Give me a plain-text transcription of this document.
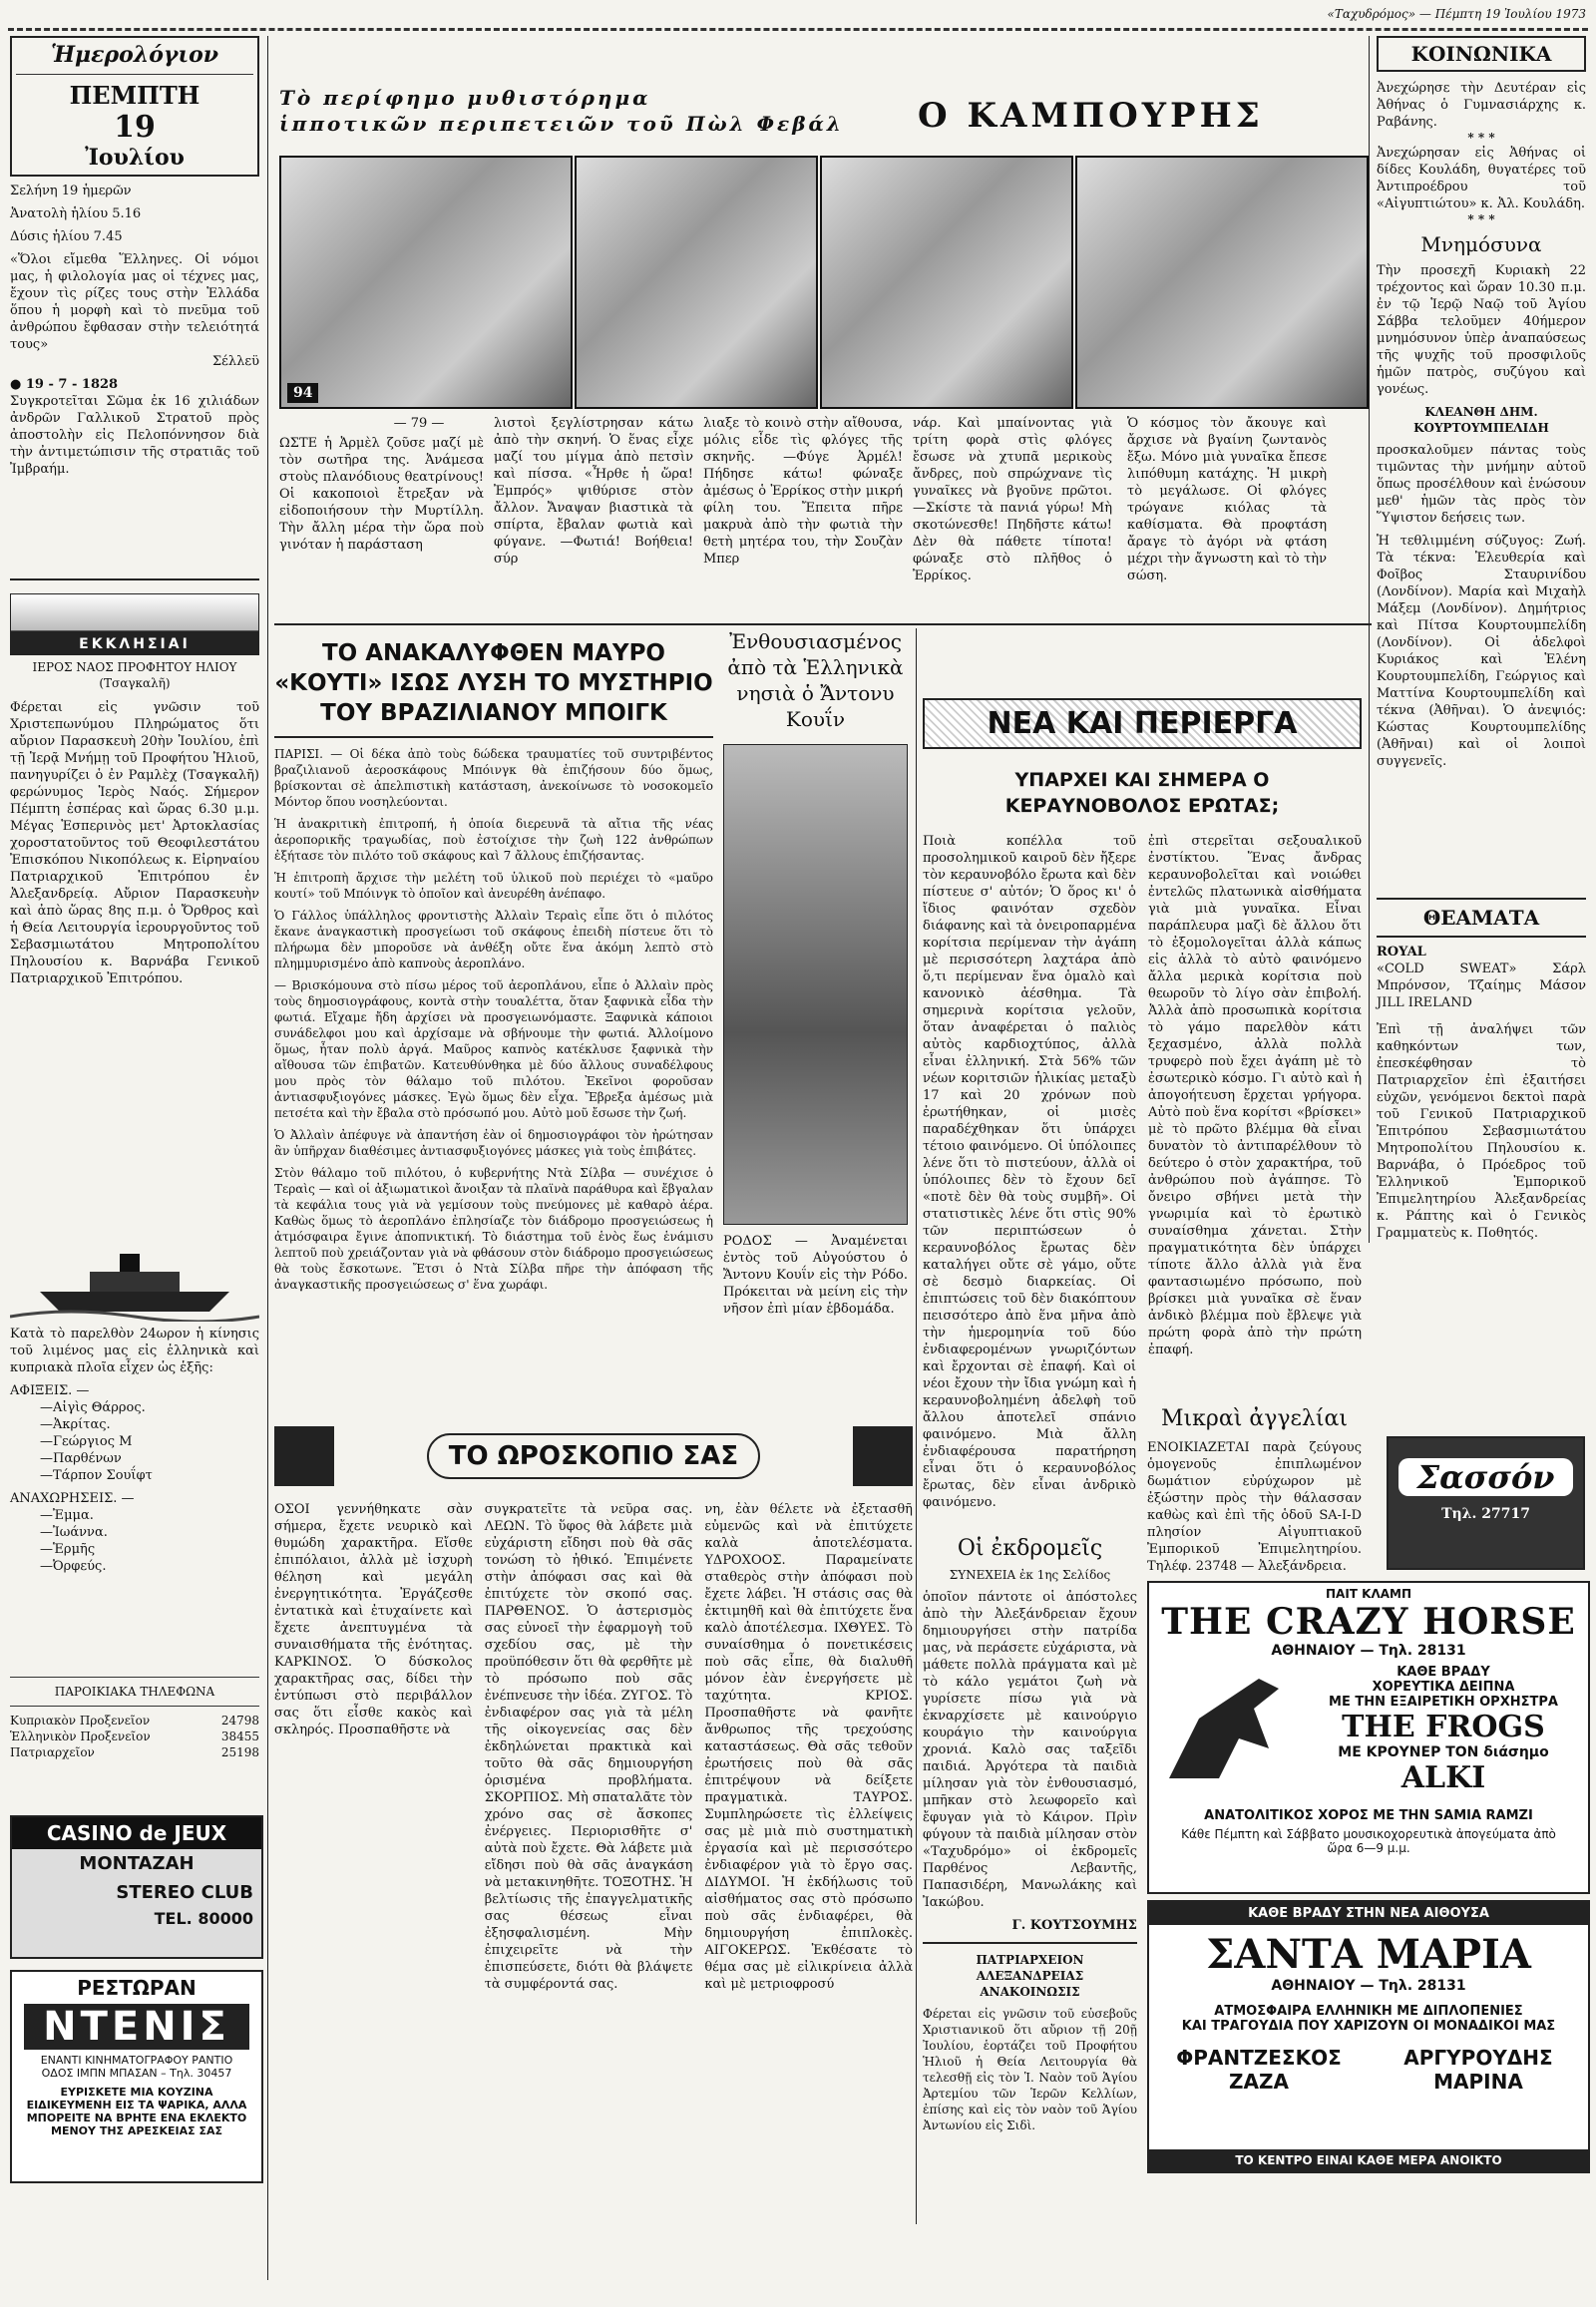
«Ταχυδρόμος» — Πέμπτη 19 Ἰουλίου 1973
Ἡμερολόγιον
ΠΕΜΠΤΗ
19
Ἰουλίου
Σελήνη 19 ἡμερῶν
Ἀνατολὴ ἡλίου 5.16
Δύσις ἡλίου 7.45
«Ὅλοι εἴμεθα Ἕλληνες. Οἱ νόμοι μας, ἡ φιλολογία μας οἱ τέχνες μας, ἔχουν τὶς ρίζες τους στὴν Ἑλλάδα ὅπου ἡ μορφὴ καὶ τὸ πνεῦμα τοῦ ἀνθρώπου ἔφθασαν στὴν τελειότητά τους»
Σέλλεϋ
● 19 - 7 - 1828
Συγκροτεῖται Σῶμα ἐκ 16 χιλιάδων ἀνδρῶν Γαλλικοῦ Στρατοῦ πρὸς ἀποστολὴν εἰς Πελοπόννησον διὰ τὴν ἀντιμετώπισιν τῆς στρατιᾶς τοῦ Ἰμβραήμ.
ΕΚΚΛΗΣΙΑΙ
ΙΕΡΟΣ ΝΑΟΣ ΠΡΟΦΗΤΟΥ ΗΛΙΟΥ
(Τσαγκαλῆ)
Φέρεται εἰς γνῶσιν τοῦ Χριστεπωνύμου Πληρώματος ὅτι αὔριον Παρασκευὴ 20ὴν Ἰουλίου, ἐπὶ τῇ Ἱερᾷ Μνήμῃ τοῦ Προφήτου Ἡλιοῦ, πανηγυρίζει ὁ ἐν Ραμλὲχ (Τσαγκαλῆ) φερώνυμος Ἱερὸς Ναός. Σήμερον Πέμπτη ἑσπέρας καὶ ὥρας 6.30 μ.μ. Μέγας Ἑσπερινὸς μετ' Ἀρτοκλασίας χοροστατοῦντος τοῦ Θεοφιλεστάτου Ἐπισκόπου Νικοπόλεως κ. Εἰρηναίου Πατριαρχικοῦ Ἐπιτρόπου ἐν Ἀλεξανδρείᾳ. Αὔριον Παρασκευὴν καὶ ἀπὸ ὥρας 8ης π.μ. ὁ Ὄρθρος καὶ ἡ Θεία Λειτουργία ἱερουργοῦντος τοῦ Σεβασμιωτάτου Μητροπολίτου Πηλουσίου κ. Βαρνάβα Γενικοῦ Πατριαρχικοῦ Ἐπιτρόπου.
Κατὰ τὸ παρελθὸν 24ωρον ἡ κίνησις τοῦ λιμένος μας εἰς ἑλληνικὰ καὶ κυπριακὰ πλοῖα εἶχεν ὡς ἑξῆς:
ΑΦΙΞΕΙΣ. —
—Αἰγὶς Θάρρος.
—Ἀκρίτας.
—Γεώργιος Μ
—Παρθένων
—Τάρπον Σουΐφτ
ΑΝΑΧΩΡΗΣΕΙΣ. —
—Ἐμμα.
—Ἰωάννα.
—Ἑρμῆς
—Ὀρφεύς.
ΠΑΡΟΙΚΙΑΚΑ ΤΗΛΕΦΩΝΑ
Κυπριακὸν Προξενεῖον	24798
Ἑλληνικὸν Προξενεῖον	38455
Πατριαρχεῖον	25198
CASINO de JEUX
MONTAZAH
STEREO CLUB
TEL. 80000
ΡΕΣΤΩΡΑΝ
ΝΤΕΝΙΣ
ΕΝΑΝΤΙ ΚΙΝΗΜΑΤΟΓΡΑΦΟΥ ΡΑΝΤΙΟ
ΟΔΟΣ ΙΜΠΝ ΜΠΑΣΑΝ – Τηλ. 30457
ΕΥΡΙΣΚΕΤΕ ΜΙΑ ΚΟΥΖΙΝΑ ΕΙΔΙΚΕΥΜΕΝΗ ΕΙΣ ΤΑ ΨΑΡΙΚΑ, ΑΛΛΑ ΜΠΟΡΕΙΤΕ ΝΑ ΒΡΗΤΕ ΕΝΑ ΕΚΛΕΚΤΟ ΜΕΝΟΥ ΤΗΣ ΑΡΕΣΚΕΙΑΣ ΣΑΣ
Τὸ περίφημο μυθιστόρημα
ἱπποτικῶν περιπετειῶν τοῦ Πὼλ Φεβάλ Ο ΚΑΜΠΟΥΡΗΣ
94
— 79 —
ΩΣΤΕ ἡ Ἀρμὲλ ζοῦσε μαζί μὲ τὸν σωτῆρα της. Ἀνάμεσα στοὺς πλανόδιους θεατρίνους! Οἱ κακοποιοὶ ἔτρεξαν νὰ εἰδοποιήσουν τὴν Μυρτίλλη. Τὴν ἄλλη μέρα τὴν ὥρα ποὺ γινόταν ἡ παράσταση
λιστοὶ ξεγλίστρησαν κάτω ἀπὸ τὴν σκηνή. Ὁ ἕνας εἶχε μαζί του μίγμα ἀπὸ πετσὶν καὶ πίσσα. «Ἦρθε ἡ ὥρα! Ἐμπρός» ψιθύρισε στὸν ἄλλον. Ἄναψαν βιαστικὰ τὰ σπίρτα, ἔβαλαν φωτιὰ καὶ φύγανε. —Φωτιά! Βοήθεια! σύρ
λιαξε τὸ κοινὸ στὴν αἴθουσα, μόλις εἶδε τὶς φλόγες τῆς σκηνῆς. —Φύγε Ἀρμέλ! Πήδησε κάτω! φώναξε ἀμέσως ὁ Ἐρρίκος στὴν μικρή φίλη του. Ἔπειτα πῆρε μακρυὰ ἀπὸ τὴν φωτιὰ τὴν θετὴ μητέρα του, τὴν Σουζὰν Μπερ
νάρ. Καὶ μπαίνοντας γιὰ τρίτη φορὰ στὶς φλόγες ἔσωσε νὰ χτυπᾶ μερικοὺς ἄνδρες, ποὺ σπρώχνανε τὶς γυναῖκες νὰ βγοῦνε πρῶτοι. —Σκίστε τὰ πανιά γύρω! Μὴ σκοτώνεσθε! Πηδῆστε κάτω! Δὲν θὰ πάθετε τίποτα! φώναξε στὸ πλῆθος ὁ Ἐρρίκος.
Ὁ κόσμος τὸν ἄκουγε καὶ ἄρχισε νὰ βγαίνη ζωντανὸς ἔξω. Μόνο μιὰ γυναῖκα ἔπεσε λιπόθυμη κατάχης. Ἡ μικρὴ τὸ μεγάλωσε. Οἱ φλόγες τρώγανε κιόλας τὰ καθίσματα. Θὰ προφτάση ἄραγε τὸ ἀγόρι νὰ φτάση μέχρι τὴν ἄγνωστη καὶ τὸ τὴν σώση.
ΤΟ ΑΝΑΚΑΛΥΦΘΕΝ ΜΑΥΡΟ «ΚΟΥΤΙ» ΙΣΩΣ ΛΥΣΗ ΤΟ ΜΥΣΤΗΡΙΟ ΤΟΥ ΒΡΑΖΙΛΙΑΝΟΥ ΜΠΟΙΓΚ

ΠΑΡΙΣΙ. — Οἱ δέκα ἀπὸ τοὺς δώδεκα τραυματίες τοῦ συντριβέντος βραζιλιανοῦ ἀεροσκάφους Μπόινγκ θὰ ἐπιζήσουν δύο ὅμως, βρίσκονται σὲ ἀπελπιστικὴ κατάσταση, ἀνεκοίνωσε τὸ νοσοκομεῖο Μόντορ ὅπου νοσηλεύονται.

Ἡ ἀνακριτικὴ ἐπιτροπή, ἡ ὁποία διερευνᾶ τὰ αἴτια τῆς νέας ἀεροπορικῆς τραγωδίας, ποὺ ἐστοίχισε τὴν ζωὴ 122 ἀνθρώπων ἐξήτασε τὸν πιλότο τοῦ σκάφους καὶ 7 ἄλλους ἐπιζήσαντας.

Ἡ ἐπιτροπὴ ἄρχισε τὴν μελέτη τοῦ ὑλικοῦ ποὺ περιέχει τὸ «μαῦρο κουτί» τοῦ Μπόινγκ τὸ ὁποῖον καὶ ἀνευρέθη ἀνέπαφο.

Ὁ Γάλλος ὑπάλληλος φροντιστὴς Ἀλλαὶν Τεραὶς εἶπε ὅτι ὁ πιλότος ἔκανε ἀναγκαστικὴ προσγείωσι τοῦ σκάφους ἐπειδὴ πίστευε ὅτι τὸ πλήρωμα δὲν μποροῦσε νὰ ἀνθέξη οὔτε ἕνα ἀκόμη λεπτὸ στὸ πλημμυρισμένο ἀπὸ καπνοὺς ἀεροπλάνο.

— Βρισκόμουνα στὸ πίσω μέρος τοῦ ἀεροπλάνου, εἶπε ὁ Ἀλλαὶν πρὸς τοὺς δημοσιογράφους, κοντὰ στὴν τουαλέττα, ὅταν ξαφνικὰ εἶδα τὴν φωτιά. Εἴχαμε ἤδη ἀρχίσει νὰ προσγειωνόμαστε. Ξαφνικὰ κάποιοι συνάδελφοι μου καὶ ἀρχίσαμε νὰ σβήνουμε τὴν φωτιά. Ἀλλοίμονο ὅμως, ἦταν πολὺ ἀργά. Μαῦρος καπνὸς κατέκλυσε ξαφνικὰ τὴν αἴθουσα τῶν ἐπιβατῶν. Κατευθύνθηκα μὲ δύο ἄλλους συναδέλφους μου πρὸς τὸν θάλαμο τοῦ πιλότου. Ἐκεῖνοι φοροῦσαν ἀντιασφυξιογόνες μάσκες. Ἐγὼ ὅμως δὲν εἶχα. Ἔβρεξα ἀμέσως μιὰ πετσέτα καὶ τὴν ἔβαλα στὸ πρόσωπό μου. Αὐτὸ μοῦ ἔσωσε τὴν ζωή.

Ὁ Ἀλλαὶν ἀπέφυγε νὰ ἀπαντήση ἐὰν οἱ δημοσιογράφοι τὸν ἠρώτησαν ἂν ὑπῆρχαν διαθέσιμες ἀντιασφυξιογόνες μάσκες γιὰ τοὺς ἐπιβάτες.

Στὸν θάλαμο τοῦ πιλότου, ὁ κυβερνήτης Ντὰ Σίλβα — συνέχισε ὁ Τεραὶς — καὶ οἱ ἀξιωματικοὶ ἄνοιξαν τὰ πλαϊνὰ παράθυρα καὶ ἔβγαλαν τὰ κεφάλια τους γιὰ νὰ γεμίσουν τοὺς πνεύμονες μὲ καθαρὸ ἀέρα. Καθὼς ὅμως τὸ ἀεροπλάνο ἐπλησίαζε τὸν διάδρομο προσγειώσεως ἡ ἀτμόσφαιρα ἔγινε ἀποπνικτική. Τὸ διάστημα τοῦ ἑνὸς ἕως ἑνάμισυ λεπτοῦ ποὺ χρειάζονταν γιὰ νὰ φθάσουν στὸν διάδρομο προσγειώσεως θὰ τοὺς ἔσκοτωνε. Ἔτσι ὁ Ντὰ Σίλβα πῆρε τὴν ἀπόφαση τῆς ἀναγκαστικῆς προσγειώσεως σ' ἕνα χωράφι.

Ἐνθουσιασμένος ἀπὸ τὰ Ἑλληνικὰ νησιὰ ὁ Ἄντονυ Κουΐν
ΡΟΔΟΣ — Ἀναμένεται ἐντὸς τοῦ Αὐγούστου ὁ Ἄντονυ Κουΐν εἰς τὴν Ρόδο. Πρόκειται νὰ μείνη εἰς τὴν νῆσον ἐπὶ μίαν ἑβδομάδα.
ΝΕΑ ΚΑΙ ΠΕΡΙΕΡΓΑ
ΥΠΑΡΧΕΙ ΚΑΙ ΣΗΜΕΡΑ Ο ΚΕΡΑΥΝΟΒΟΛΟΣ ΕΡΩΤΑΣ;
Ποιὰ κοπέλλα τοῦ προσολημικοῦ καιροῦ δὲν ἤξερε τὸν κεραυνοβόλο ἔρωτα καὶ δὲν πίστευε σ' αὐτόν; Ὁ ὅρος κι' ὁ ἴδιος φαινόταν σχεδὸν διάφανης καὶ τὰ ὀνειροπαρμένα κορίτσια περίμεναν τὴν ἀγάπη μὲ περισσότερη λαχτάρα ἀπὸ ὅ,τι περίμεναν ἕνα ὁμαλὸ καὶ κανονικὸ ἀέσθημα. Τὰ σημερινὰ κορίτσια γελοῦν, ὅταν ἀναφέρεται ὁ παλιὸς αὐτὸς καρδιοχτύπος, ἀλλὰ εἶναι ἐλληνική. Στὰ 56% τῶν νέων κοριτσιῶν ἡλικίας μεταξὺ 17 καὶ 20 χρόνων ποὺ ἐρωτήθηκαν, οἱ μισὲς παραδέχθηκαν ὅτι ὑπάρχει τέτοιο φαινόμενο. Οἱ ὑπόλοιπες λένε ὅτι τὸ πιστεύουν, ἀλλὰ οἱ ὑπόλοιπες δὲν τὸ ἔχουν δεῖ «ποτὲ δὲν θὰ τοὺς συμβῆ». Οἱ στατιστικὲς λένε ὅτι στὶς 90% τῶν περιπτώσεων ὁ κεραυνοβόλος ἔρωτας δὲν καταλήγει οὔτε σὲ γάμο, οὔτε σὲ δεσμὸ διαρκείας. Οἱ ἐπιπτώσεις τοῦ δὲν διακόπτουν πεισσότερο ἀπὸ ἕνα μῆνα ἀπὸ τὴν ἡμερομηνία τοῦ δύο ἐνδιαφερομένων γνωριζόντων καὶ ἔρχονται σὲ ἐπαφή. Καὶ οἱ νέοι ἔχουν τὴν ἴδια γνώμη καὶ ἡ κεραυνοβολημένη ἀδελφὴ τοῦ ἄλλου ἀποτελεῖ σπάνιο φαινόμενο. Μιὰ ἄλλη ἐνδιαφέρουσα παρατήρηση εἶναι ὅτι ὁ κεραυνοβόλος ἔρωτας, δὲν εἶναι ἀνδρικὸ φαινόμενο.
ἐπὶ στερεῖται σεξουαλικοῦ ἐνστίκτου. Ἕνας ἄνδρας κεραυνοβολεῖται καὶ νοιώθει ἐντελῶς πλατωνικὰ αἰσθήματα γιὰ μιὰ γυναῖκα. Εἶναι παράπλευρα μαζὶ δὲ ἄλλου ὅτι τὸ ἐξομολογεῖται ἀλλὰ κάπως εἰς ἀλλὰ τὸ αὐτὸ φαινόμενο ἄλλα μερικὰ κορίτσια ποὺ θεωροῦν τὸ λίγο σὰν ἐπιβολή. Ἀλλὰ ἀπὸ προσωπικὰ κορίτσια τὸ γάμο παρελθὸν κάτι ξεχασμένο, ἀλλὰ πολλὰ τρυφερὸ ποὺ ἔχει ἀγάπη μὲ τὸ ἐσωτερικὸ κόσμο. Γι αὐτὸ καὶ ἡ ἀπογοήτευση ἔρχεται γρήγορα. Αὐτὸ ποὺ ἕνα κορίτσι «βρίσκει» μὲ τὸ πρῶτο βλέμμα θὰ εἶναι δυνατὸν τὸ ἀντιπαρέλθουν τὸ δεύτερο ὁ στὸν χαρακτήρα, τοῦ ἀνθρώπου ποὺ ἀγάπησε. Τὸ ὄνειρο σβήνει μετὰ τὴν γνωριμία καὶ τὸ ἐρωτικὸ συναίσθημα χάνεται. Στὴν πραγματικότητα δὲν ὑπάρχει τίποτε ἄλλο ἀλλὰ γιὰ ἕνα φαντασιωμένο πρόσωπο, ποὺ βρίσκει μιὰ γυναῖκα σὲ ἕναν ἀνδικὸ βλέμμα ποὺ ἔβλεψε γιὰ πρώτη φορὰ ἀπὸ τὴν πρώτη ἐπαφή.
ΤΟ ΩΡΟΣΚΟΠΙΟ ΣΑΣ
ΟΣΟΙ γεννήθηκατε σὰν σήμερα, ἔχετε νευρικὸ καὶ θυμώδη χαρακτῆρα. Εἴσθε ἐπιπόλαιοι, ἀλλὰ μὲ ἰσχυρὴ θέληση καὶ μεγάλη ἐνεργητικότητα. Ἐργάζεσθε ἐντατικὰ καὶ ἐτυχαίνετε καὶ ἔχετε ἀνεπτυγμένα τὰ συναισθήματα τῆς ἑνότητας. ΚΑΡΚΙΝΟΣ. Ὁ δύσκολος χαρακτῆρας σας, δίδει τὴν ἐντύπωσι στὸ περιβάλλον σας ὅτι εἶσθε κακὸς καὶ σκληρός. Προσπαθῆστε νὰ
συγκρατεῖτε τὰ νεῦρα σας. ΛΕΩΝ. Τὸ ὕφος θὰ λάβετε μιὰ εὐχάριστη εἴδησι ποὺ θὰ σᾶς τονώση τὸ ἠθικό. Ἐπιμένετε στὴν ἀπόφασι σας καὶ θὰ ἐπιτύχετε τὸν σκοπό σας. ΠΑΡΘΕΝΟΣ. Ὁ ἀστερισμὸς σας εὐνοεῖ τὴν ἐφαρμογὴ τοῦ σχεδίου σας, μὲ τὴν προϋπόθεσιν ὅτι θὰ φερθῆτε μὲ τὸ πρόσωπο ποὺ σᾶς ἐνέπνευσε τὴν ἰδέα. ΖΥΓΟΣ. Τὸ ἐνδιαφέρον σας γιὰ τὰ μέλη τῆς οἰκογενείας σας δὲν ἐκδηλώνεται πρακτικὰ καὶ τοῦτο θὰ σᾶς δημιουργήση ὁρισμένα προβλήματα. ΣΚΟΡΠΙΟΣ. Μὴ σπαταλᾶτε τὸν χρόνο σας σὲ ἄσκοπες ἐνέργειες. Περιορισθῆτε σ' αὐτὰ ποὺ ἔχετε. Θὰ λάβετε μιὰ εἴδησι ποὺ θὰ σᾶς ἀναγκάση νὰ μετακινηθῆτε. ΤΟΞΟΤΗΣ. Ἡ βελτίωσις τῆς ἐπαγγελματικῆς σας θέσεως εἶναι ἐξησφαλισμένη. Μὴν ἐπιχειρεῖτε νὰ τὴν ἐπισπεύσετε, διότι θὰ βλάψετε τὰ συμφέροντά σας.
νη, ἐὰν θέλετε νὰ ἐξετασθῆ εὐμενῶς καὶ νὰ ἐπιτύχετε καλὰ ἀποτελέσματα. ΥΔΡΟΧΟΟΣ. Παραμείνατε σταθερὸς στὴν ἀπόφασι ποὺ ἔχετε λάβει. Ἡ στάσις σας θὰ ἐκτιμηθῆ καὶ θὰ ἐπιτύχετε ἕνα καλὸ ἀποτέλεσμα. ΙΧΘΥΕΣ. Τὸ συναίσθημα ὁ πονετικέσεις ποὺ σᾶς εἶπε, θὰ διαλυθῆ μόνον ἐὰν ἐνεργήσετε μὲ ταχύτητα. ΚΡΙΟΣ. Προσπαθῆστε νὰ φανῆτε ἄνθρωπος τῆς τρεχούσης καταστάσεως. Θὰ σᾶς τεθοῦν ἐρωτήσεις ποὺ θὰ σᾶς ἐπιτρέψουν νὰ δείξετε πραγματικὰ. ΤΑΥΡΟΣ. Συμπληρώσετε τὶς ἐλλείψεις σας μὲ μιὰ πιὸ συστηματικὴ ἐργασία καὶ μὲ περισσότερο ἐνδιαφέρον γιὰ τὸ ἔργο σας. ΔΙΔΥΜΟΙ. Ἡ ἐκδήλωσις τοῦ αἰσθήματος σας στὸ πρόσωπο ποὺ σᾶς ἐνδιαφέρει, θὰ δημιουργήση ἐπιπλοκὲς. ΑΙΓΟΚΕΡΩΣ. Ἐκθέσατε τὸ θέμα σας μὲ εἰλικρίνεια ἀλλὰ καὶ μὲ μετριοφροσύ
Οἱ ἐκδρομεῖς
ΣΥΝΕΧΕΙΑ ἐκ 1ης Σελίδος
ὁποῖον πάντοτε οἱ ἀπόστολες ἀπὸ τὴν Ἀλεξάνδρειαν ἔχουν δημιουργήσει στὴν πατρίδα μας, νὰ περάσετε εὐχάριστα, νὰ μάθετε πολλὰ πράγματα καὶ μὲ τὸ κάλο γεμάτοι ζωὴ νὰ γυρίσετε πίσω γιὰ νὰ ἐκναρχίσετε μὲ καινούργιο κουράγιο τὴν καινούργια χρονιά. Καλὸ σας ταξεῖδι παιδιά. Ἀργότερα τὰ παιδιὰ μίλησαν γιὰ τὸν ἐνθουσιασμό, μπῆκαν στὸ λεωφορεῖο καὶ ἔφυγαν γιὰ τὸ Κάιρον. Πρὶν φύγουν τὰ παιδιὰ μίλησαν στὸν «Ταχυδρόμο» οἱ ἐκδρομεῖς Παρθένος Λεβαντῆς, Παπασιδέρη, Μανωλάκης καὶ Ἰακώβου.
Γ. ΚΟΥΤΣΟΥΜΗΣ
ΠΑΤΡΙΑΡΧΕΙΟΝ ΑΛΕΞΑΝΔΡΕΙΑΣ
ΑΝΑΚΟΙΝΩΣΙΣ
Φέρεται εἰς γνῶσιν τοῦ εὐσεβοῦς Χριστιανικοῦ ὅτι αὔριον τῇ 20ῇ Ἰουλίου, ἑορτάζει τοῦ Προφήτου Ἡλιοῦ ἡ Θεία Λειτουργία θὰ τελεσθῇ εἰς τὸν Ἱ. Ναὸν τοῦ Ἁγίου Ἀρτεμίου τῶν Ἱερῶν Κελλίων, ἐπίσης καὶ εἰς τὸν ναὸν τοῦ Ἁγίου Ἀντωνίου εἰς Σιδὶ.
Μικραὶ ἀγγελίαι
ΕΝΟΙΚΙΑΖΕΤΑΙ παρὰ ζεύγους ὁμογενοῦς ἐπιπλωμένον δωμάτιον εὐρύχωρον μὲ ἐξώστην πρὸς τὴν θάλασσαν καθὼς καὶ ἐπὶ τῆς ὁδοῦ SA-I-D πλησίον Αἰγυπτιακοῦ Ἐμπορικοῦ Ἐπιμελητηρίου. Τηλέφ. 23748 — Ἀλεξάνδρεια.
ΚΟΙΝΩΝΙΚΑ
Ἀνεχώρησε τὴν Δευτέραν εἰς Ἀθήνας ὁ Γυμνασιάρχης κ. Ραβάνης.
* * *
Ἀνεχώρησαν εἰς Ἀθήνας οἱ δίδες Κουλάδη, θυγατέρες τοῦ Ἀντιπροέδρου τοῦ «Αἰγυπτιώτου» κ. Ἀλ. Κουλάδη.
* * *
Μνημόσυνα
Τὴν προσεχῆ Κυριακὴ 22 τρέχοντος καὶ ὥραν 10.30 π.μ. ἐν τῷ Ἱερῷ Ναῷ τοῦ Ἁγίου Σάββα τελοῦμεν 40ήμερον μνημόσυνον ὑπὲρ ἀναπαύσεως τῆς ψυχῆς τοῦ προσφιλοῦς ἡμῶν πατρὸς, συζύγου καὶ γονέως.
ΚΛΕΑΝΘΗ ΔΗΜ. ΚΟΥΡΤΟΥΜΠΕΛΙΔΗ
προσκαλοῦμεν πάντας τοὺς τιμῶντας τὴν μνήμην αὐτοῦ ὅπως προσέλθουν καὶ ἑνώσουν μεθ' ἡμῶν τὰς πρὸς τὸν Ὕψιστον δεήσεις των.
Ἡ τεθλιμμένη σύζυγος: Ζωή. Τὰ τέκνα: Ἐλευθερία καὶ Φοῖβος Σταυρινίδου (Λονδίνον). Μαρία καὶ Μιχαὴλ Μάξεμ (Λονδίνον). Δημήτριος καὶ Πίτσα Κουρτουμπελίδη (Λονδίνον). Οἱ ἀδελφοὶ Κυριάκος καὶ Ἑλένη Κουρτουμπελίδη, Γεώργιος καὶ Ματτίνα Κουρτουμπελίδη καὶ τέκνα (Ἀθῆναι). Ὁ ἀνεψιός: Κώστας Κουρτουμπελίδης (Ἀθῆναι) καὶ οἱ λοιποὶ συγγενεῖς.
ΘΕΑΜΑΤΑ
ROYAL
«COLD SWEAT» Σάρλ Μπρόνσον, Τζαίημς Μάσον JILL IRELAND
Ἐπὶ τῇ ἀναλήψει τῶν καθηκόντων των, ἐπεσκέφθησαν τὸ Πατριαρχεῖον ἐπὶ ἐξαιτήσει εὐχῶν, γενόμενοι δεκτοὶ παρὰ τοῦ Γενικοῦ Πατριαρχικοῦ Ἐπιτρόπου Σεβασμιωτάτου Μητροπολίτου Πηλουσίου κ. Βαρνάβα, ὁ Πρόεδρος τοῦ Ἑλληνικοῦ Ἐμπορικοῦ Ἐπιμελητηρίου Ἀλεξανδρείας κ. Ράπτης καὶ ὁ Γενικὸς Γραμματεὺς κ. Ποθητός.
Σασσόν
Τηλ. 27717
ΠΑΙΤ ΚΛΑΜΠ
THE CRAZY HORSE
ΑΘΗΝΑΙΟΥ — Τηλ. 28131
ΚΑΘΕ ΒΡΑΔΥ
ΧΟΡΕΥΤΙΚΑ ΔΕΙΠΝΑ
ΜΕ ΤΗΝ ΕΞΑΙΡΕΤΙΚΗ ΟΡΧΗΣΤΡΑ
THE FROGS
ΜΕ ΚΡΟΥΝΕΡ ΤΟΝ διάσημο
ALKI
ΑΝΑΤΟΛΙΤΙΚΟΣ ΧΟΡΟΣ ΜΕ ΤΗΝ SAMIA RAMZI
Κάθε Πέμπτη καὶ Σάββατο μουσικοχορευτικὰ ἀπογεύματα ἀπὸ ὥρα 6—9 μ.μ.
ΚΑΘΕ ΒΡΑΔΥ ΣΤΗΝ ΝΕΑ ΑΙΘΟΥΣΑ
ΣΑΝΤΑ ΜΑΡΙΑ
ΑΘΗΝΑΙΟΥ — Τηλ. 28131
ΑΤΜΟΣΦΑΙΡΑ ΕΛΛΗΝΙΚΗ ΜΕ ΔΙΠΛΟΠΕΝΙΕΣ
ΚΑΙ ΤΡΑΓΟΥΔΙΑ ΠΟΥ ΧΑΡΙΖΟΥΝ ΟΙ ΜΟΝΑΔΙΚΟΙ ΜΑΣ
ΦΡΑΝΤΖΕΣΚΟΣ ΖΑΖΑ
ΑΡΓΥΡΟΥΔΗΣ ΜΑΡΙΝΑ
ΤΟ ΚΕΝΤΡΟ ΕΙΝΑΙ ΚΑΘΕ ΜΕΡΑ ΑΝΟΙΚΤΟ
